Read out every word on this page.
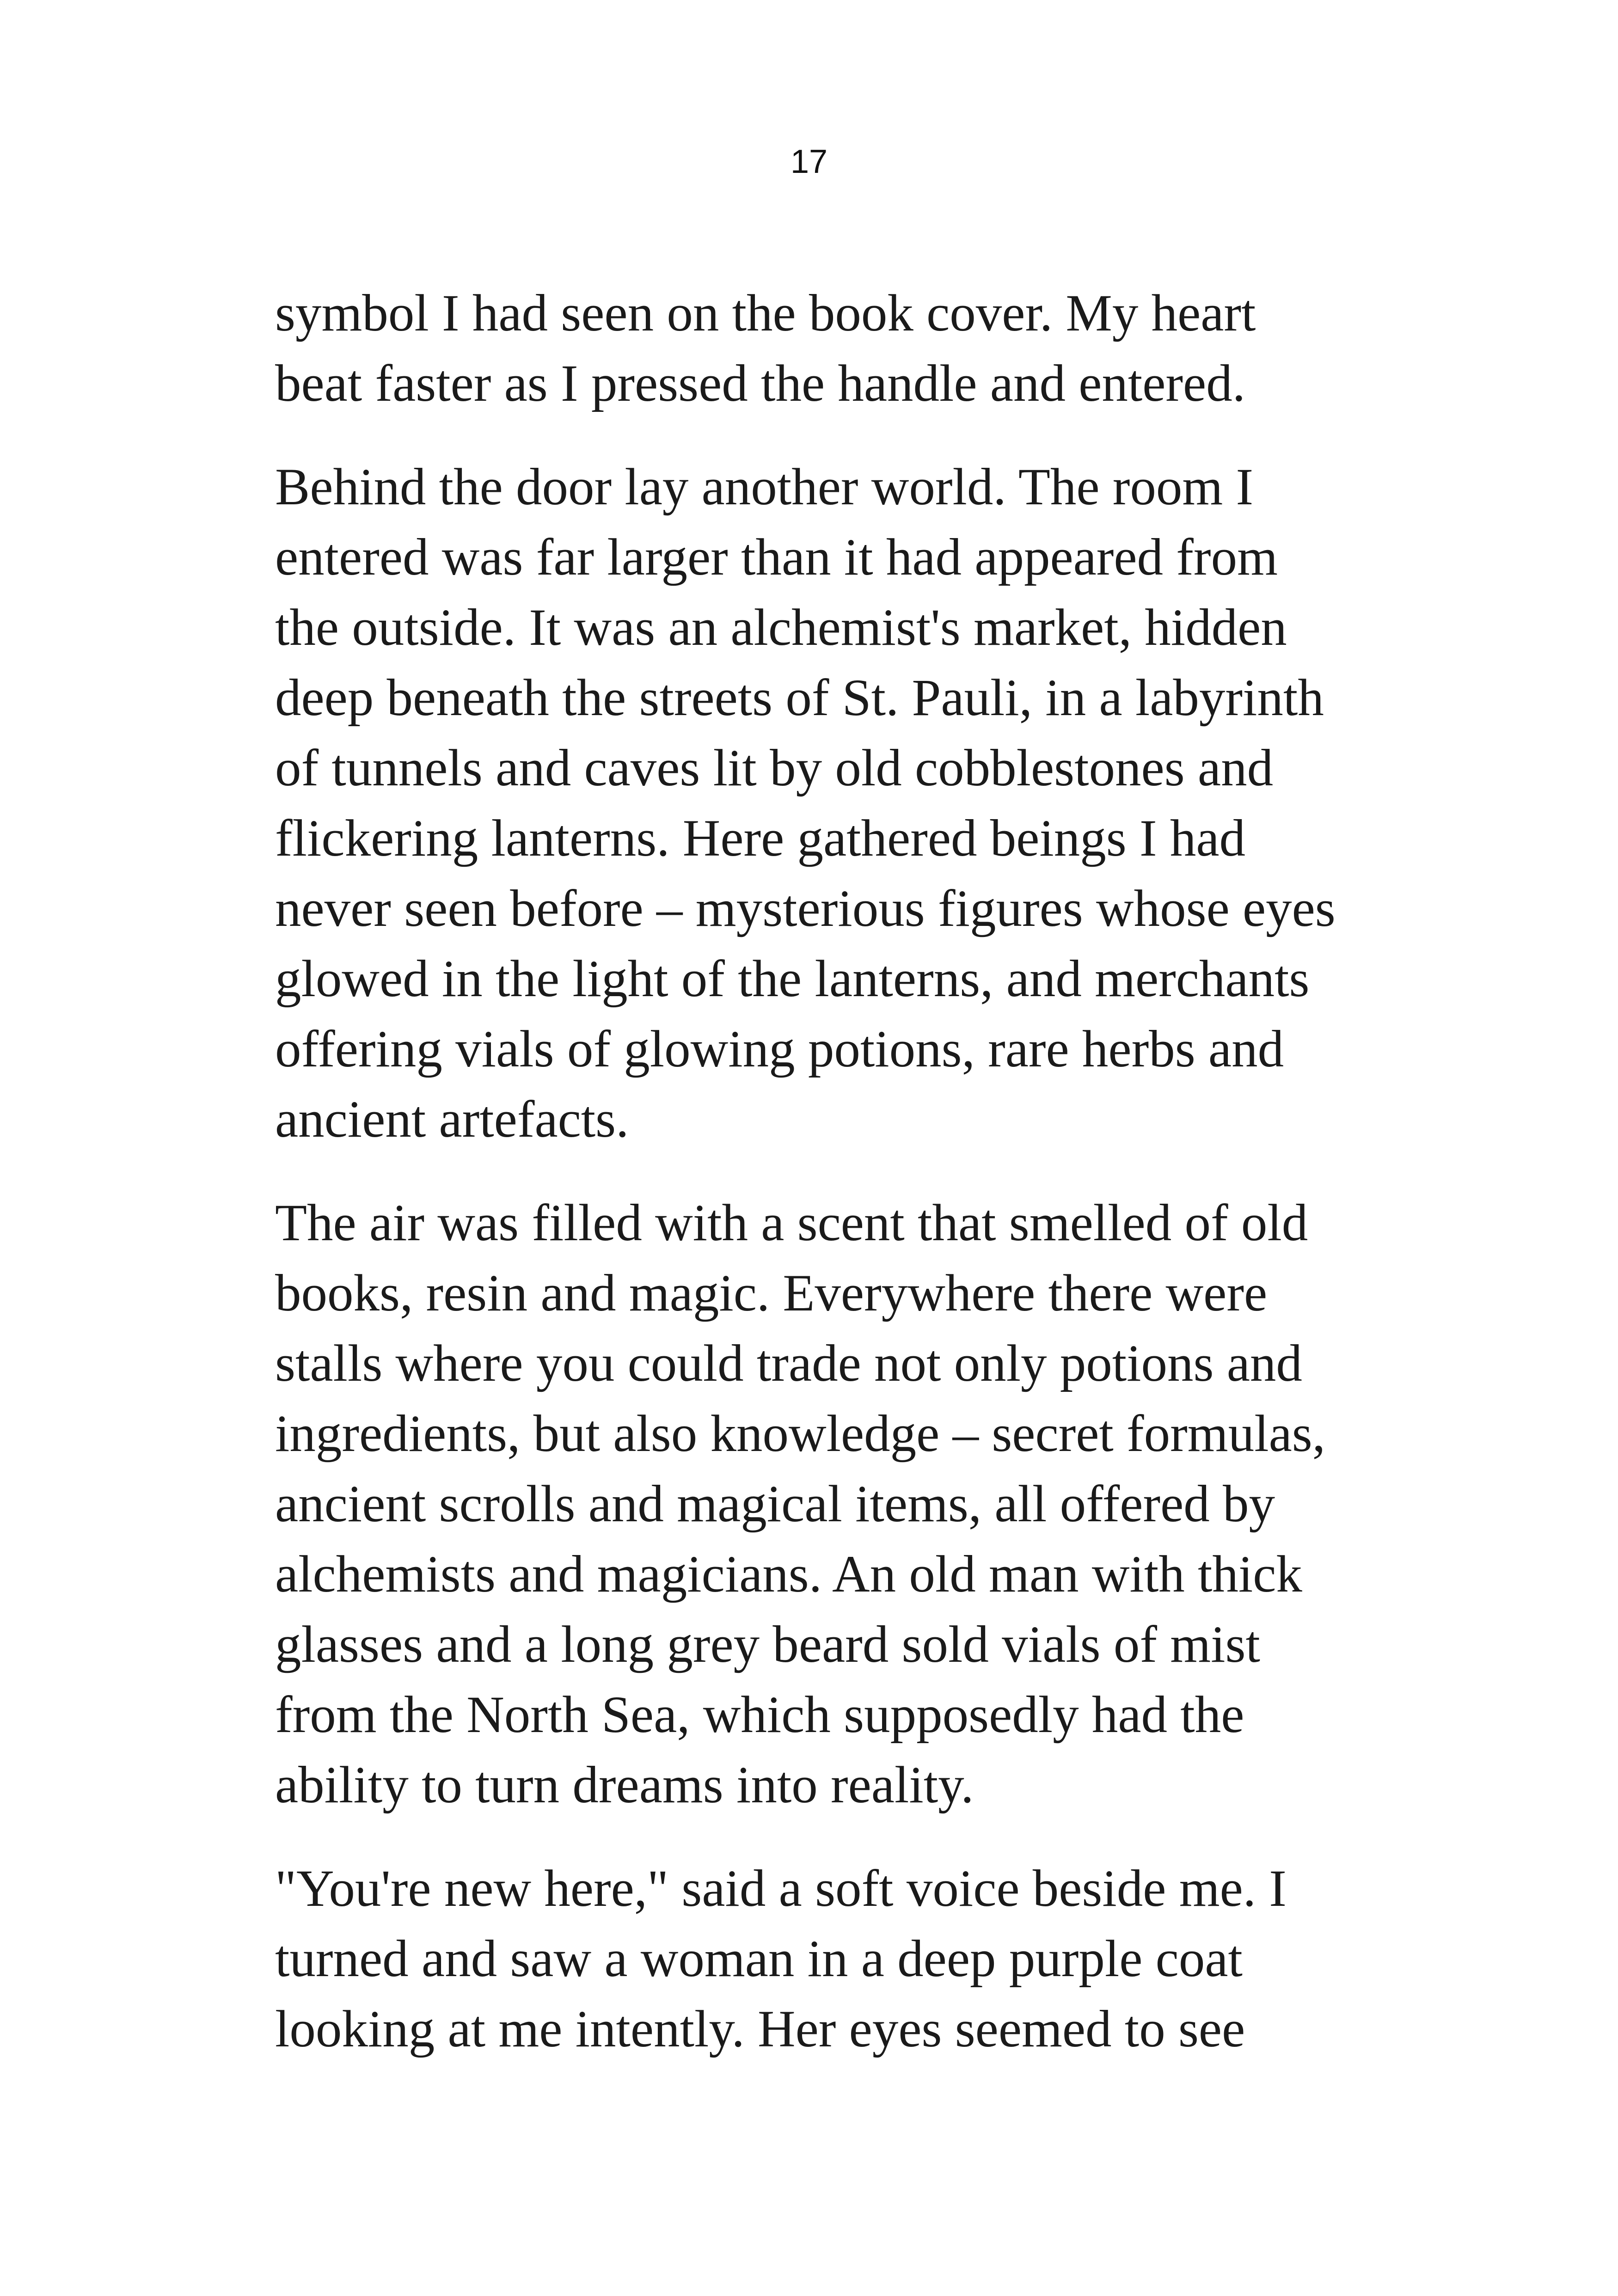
17

symbol I had seen on the book cover. My heart
beat faster as I pressed the handle and entered.

Behind the door lay another world. The room I
entered was far larger than it had appeared from
the outside. It was an alchemist's market, hidden
deep beneath the streets of St. Pauli, in a labyrinth
of tunnels and caves lit by old cobblestones and
flickering lanterns. Here gathered beings I had
never seen before – mysterious figures whose eyes
glowed in the light of the lanterns, and merchants
offering vials of glowing potions, rare herbs and
ancient artefacts.

The air was filled with a scent that smelled of old
books, resin and magic. Everywhere there were
stalls where you could trade not only potions and
ingredients, but also knowledge – secret formulas,
ancient scrolls and magical items, all offered by
alchemists and magicians. An old man with thick
glasses and a long grey beard sold vials of mist
from the North Sea, which supposedly had the
ability to turn dreams into reality.

"You're new here," said a soft voice beside me. I
turned and saw a woman in a deep purple coat
looking at me intently. Her eyes seemed to see
